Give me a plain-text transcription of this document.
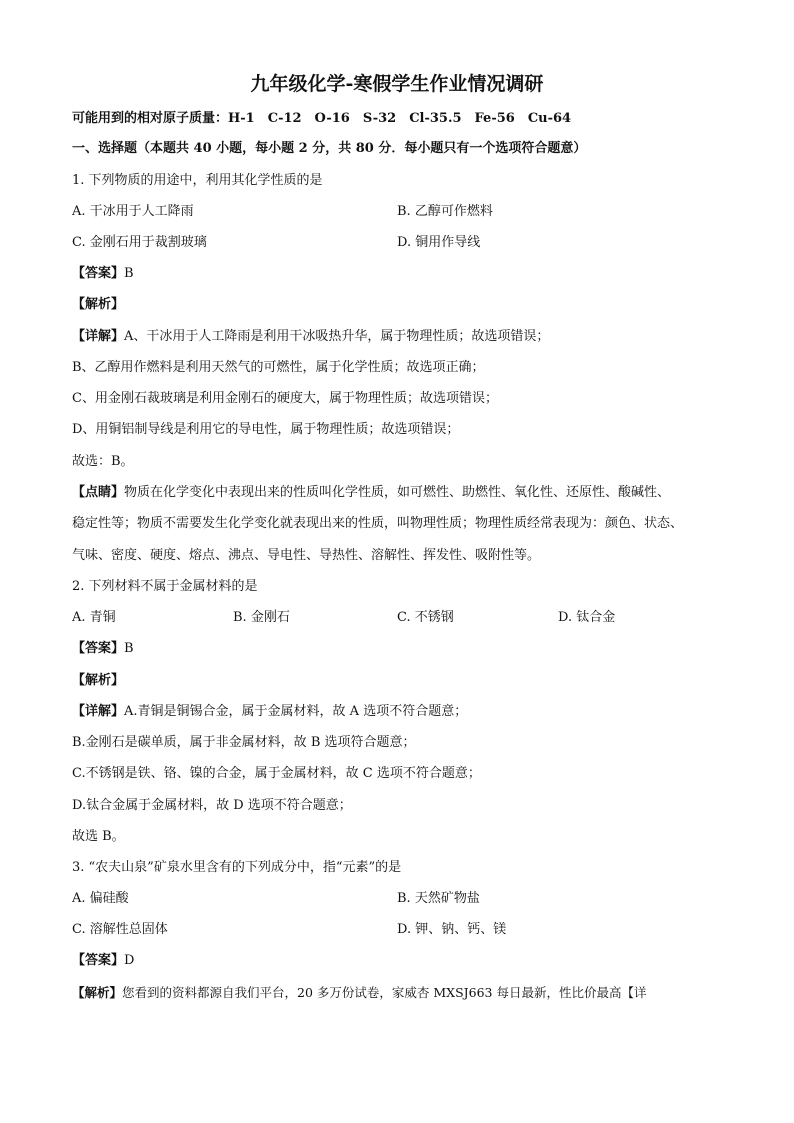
九年级化学-寒假学生作业情况调研
可能用到的相对原子质量：H-1　C-12　O-16　S-32　Cl-35.5　Fe-56　Cu-64
一、选择题（本题共 40 小题，每小题 2 分，共 80 分．每小题只有一个选项符合题意）
1. 下列物质的用途中，利用其化学性质的是
A. 干冰用于人工降雨	B. 乙醇可作燃料
C. 金刚石用于裁割玻璃	D. 铜用作导线
【答案】B
【解析】
【详解】A、干冰用于人工降雨是利用干冰吸热升华，属于物理性质；故选项错误；
B、乙醇用作燃料是利用天然气的可燃性，属于化学性质；故选项正确；
C、用金刚石裁玻璃是利用金刚石的硬度大，属于物理性质；故选项错误；
D、用铜铝制导线是利用它的导电性，属于物理性质；故选项错误；
故选：B。
【点睛】物质在化学变化中表现出来的性质叫化学性质，如可燃性、助燃性、氧化性、还原性、酸碱性、
稳定性等；物质不需要发生化学变化就表现出来的性质，叫物理性质；物理性质经常表现为：颜色、状态、
气味、密度、硬度、熔点、沸点、导电性、导热性、溶解性、挥发性、吸附性等。
2. 下列材料不属于金属材料的是
A. 青铜	B. 金刚石	C. 不锈钢	D. 钛合金
【答案】B
【解析】
【详解】A.青铜是铜锡合金，属于金属材料，故 A 选项不符合题意；
B.金刚石是碳单质，属于非金属材料，故 B 选项符合题意；
C.不锈钢是铁、铬、镍的合金，属于金属材料，故 C 选项不符合题意；
D.钛合金属于金属材料，故 D 选项不符合题意；
故选 B。
3. “农夫山泉”矿泉水里含有的下列成分中，指“元素”的是
A. 偏硅酸	B. 天然矿物盐
C. 溶解性总固体	D. 钾、钠、钙、镁
【答案】D
【解析】您看到的资料都源自我们平台，20 多万份试卷，家威杏 MXSJ663 每日最新，性比价最高【详
